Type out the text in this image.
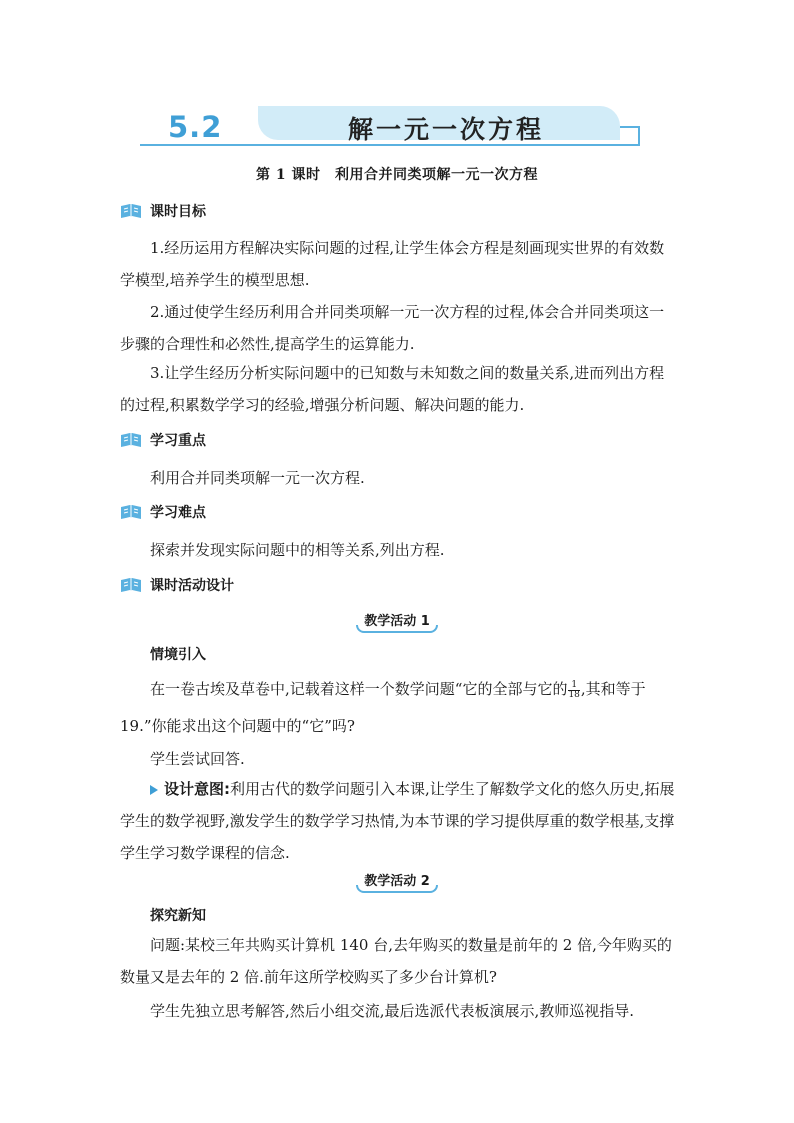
5.2	解一元一次方程
第 1 课时　利用合并同类项解一元一次方程
课时目标
1.经历运用方程解决实际问题的过程,让学生体会方程是刻画现实世界的有效数学模型,培养学生的模型思想.
2.通过使学生经历利用合并同类项解一元一次方程的过程,体会合并同类项这一步骤的合理性和必然性,提高学生的运算能力.
3.让学生经历分析实际问题中的已知数与未知数之间的数量关系,进而列出方程的过程,积累数学学习的经验,增强分析问题、解决问题的能力.
学习重点
利用合并同类项解一元一次方程.
学习难点
探索并发现实际问题中的相等关系,列出方程.
课时活动设计
教学活动 1
情境引入
在一卷古埃及草卷中,记载着这样一个数学问题“它的全部与它的 $\frac{1}{18}$ ,其和等于
19.”你能求出这个问题中的“它”吗?
学生尝试回答.
设计意图:利用古代的数学问题引入本课,让学生了解数学文化的悠久历史,拓展学生的数学视野,激发学生的数学学习热情,为本节课的学习提供厚重的数学根基,支撑学生学习数学课程的信念.
教学活动 2
探究新知
问题:某校三年共购买计算机 140 台,去年购买的数量是前年的 2 倍,今年购买的数量又是去年的 2 倍.前年这所学校购买了多少台计算机?
学生先独立思考解答,然后小组交流,最后选派代表板演展示,教师巡视指导.
